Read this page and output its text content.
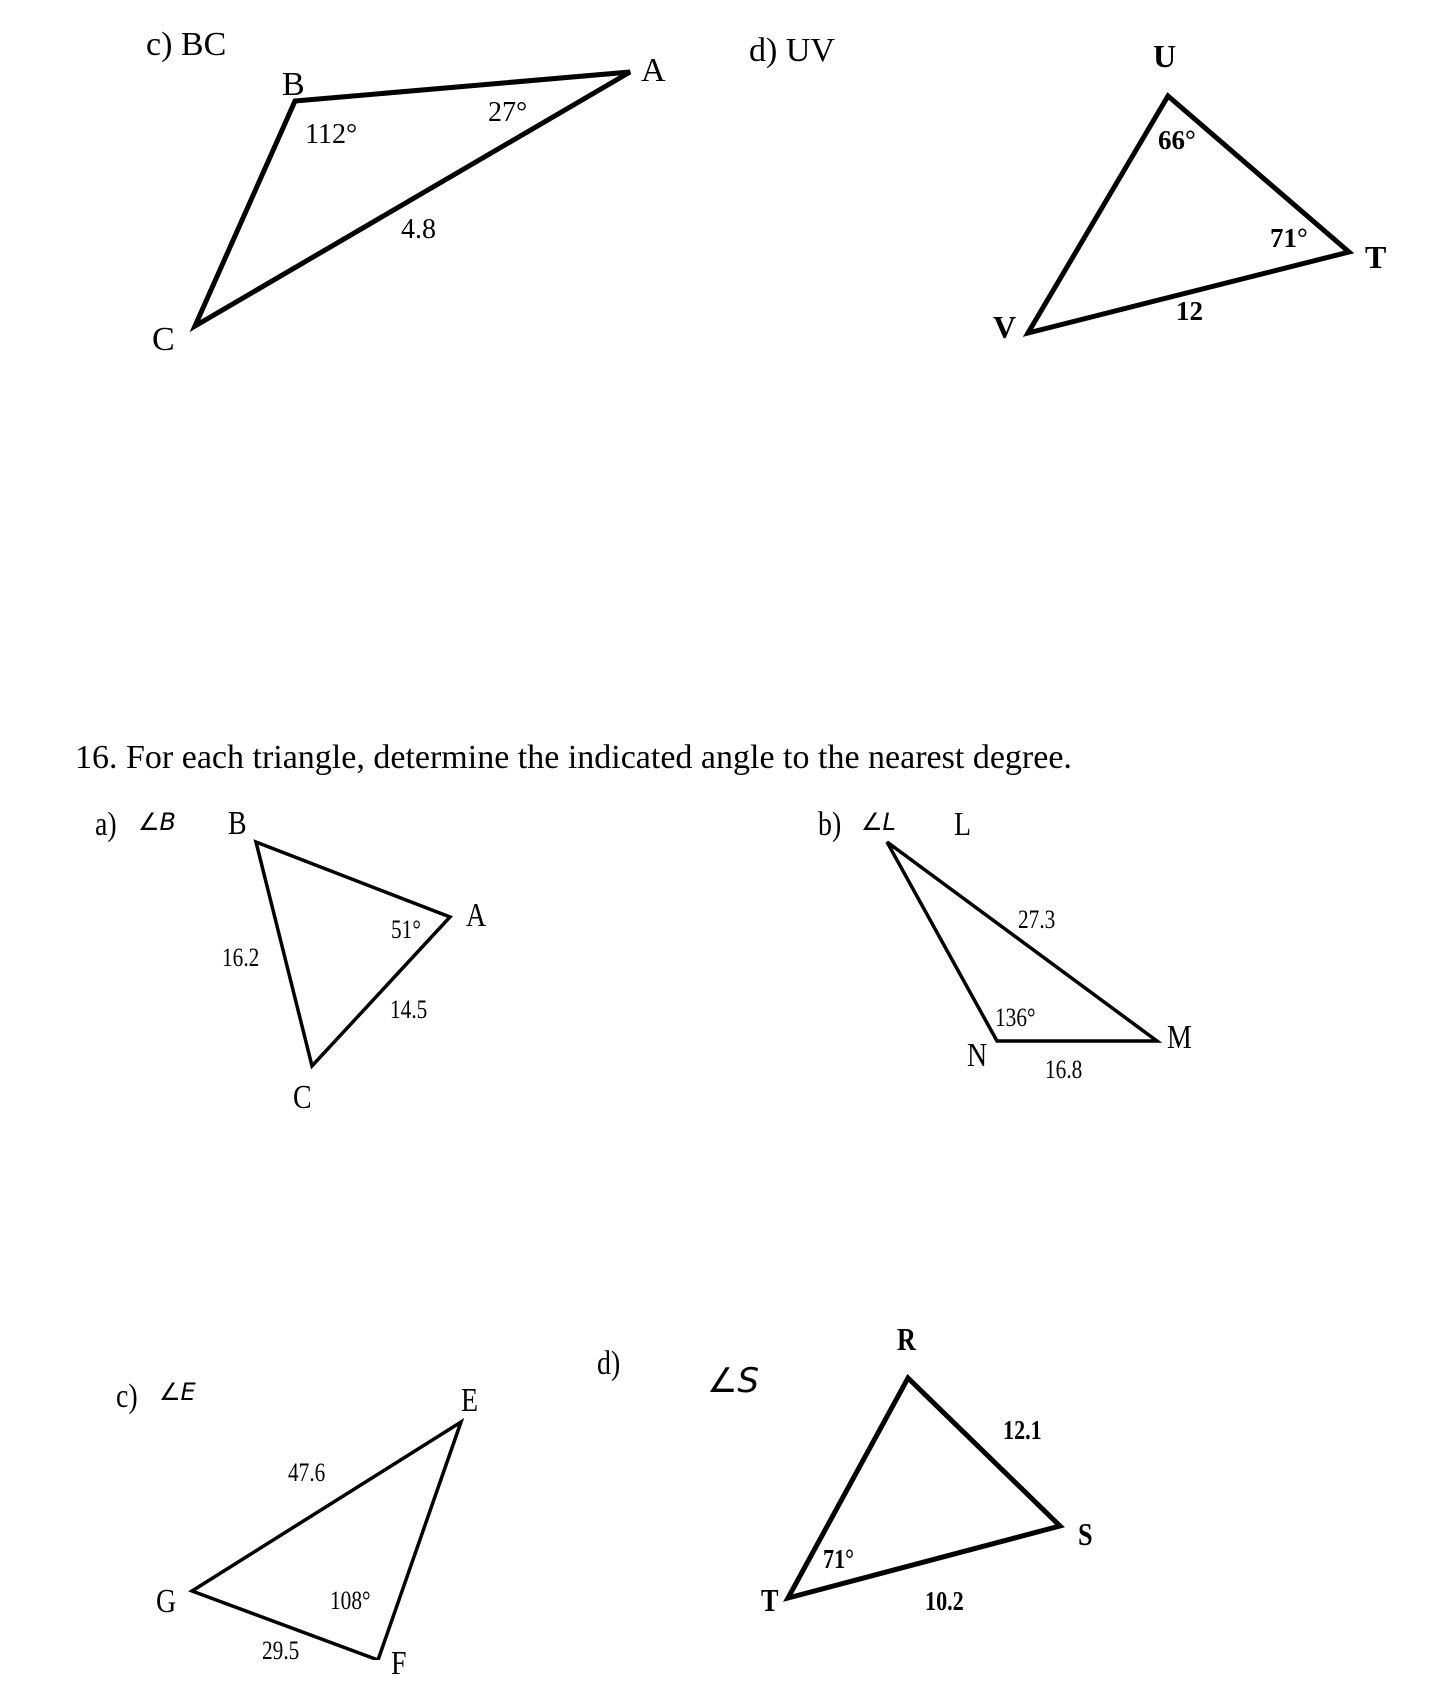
c) BC
B	A
C
112°
27°
4.8
d) UV	U
T
V
66°
71°
12
16. For each triangle, determine the indicated angle to the nearest degree.
a) ∠B B
A
C
16.2
51°
14.5
b) ∠L L
N	M
27.3
136°
16.8
c) ∠E	E
G
F
47.6
108°
29.5
d)	∠S
R
S
T
12.1
71°
10.2
